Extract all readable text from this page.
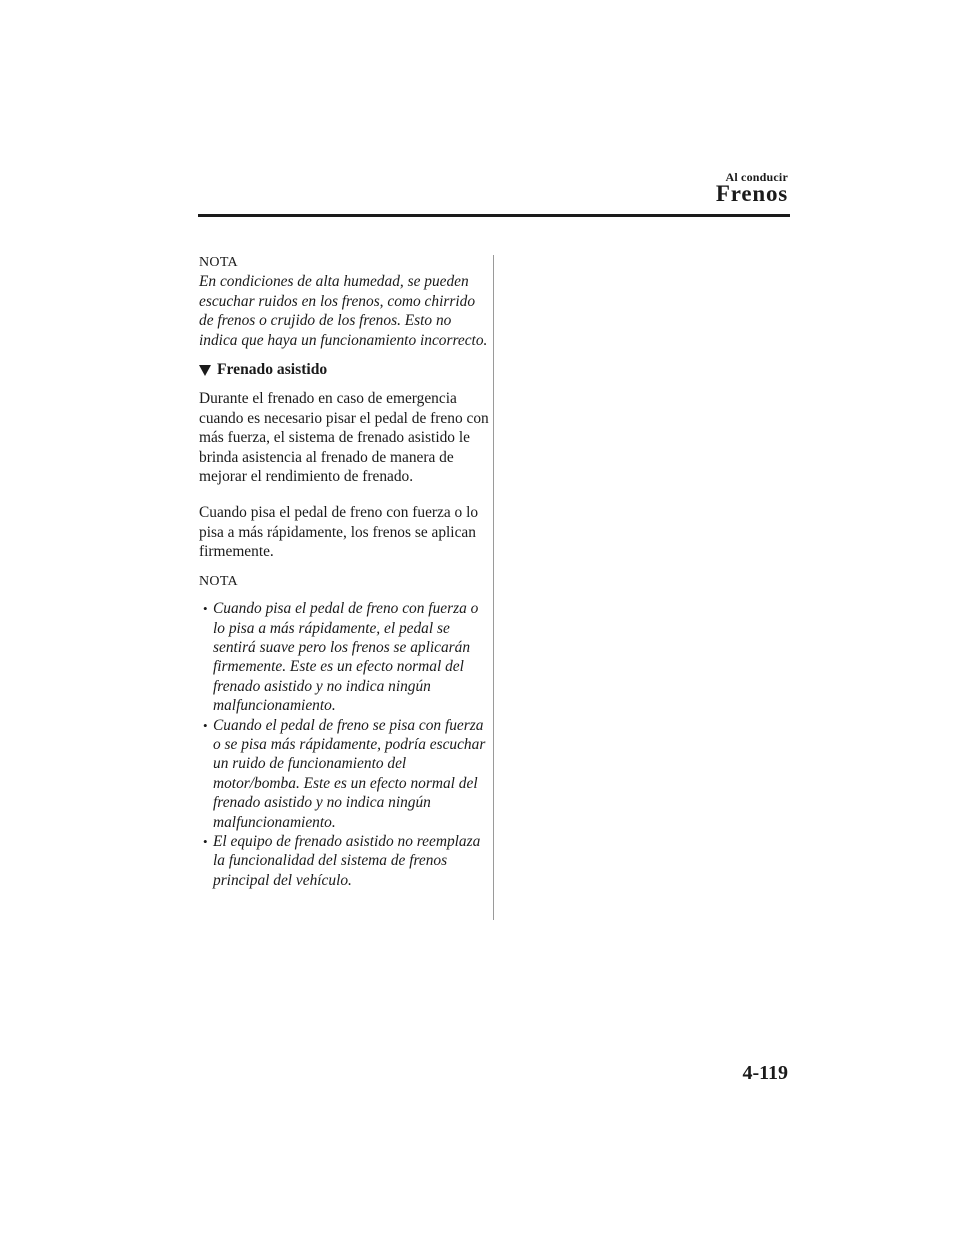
Al conducir
Frenos
NOTA
En condiciones de alta humedad, se pueden escuchar ruidos en los frenos, como chirrido de frenos o crujido de los frenos. Esto no indica que haya un funcionamiento incorrecto.
Frenado asistido
Durante el frenado en caso de emergencia cuando es necesario pisar el pedal de freno con más fuerza, el sistema de frenado asistido le brinda asistencia al frenado de manera de mejorar el rendimiento de frenado.
Cuando pisa el pedal de freno con fuerza o lo pisa a más rápidamente, los frenos se aplican firmemente.
NOTA
• Cuando pisa el pedal de freno con fuerza o lo pisa a más rápidamente, el pedal se sentirá suave pero los frenos se aplicarán firmemente. Este es un efecto normal del frenado asistido y no indica ningún malfuncionamiento.
• Cuando el pedal de freno se pisa con fuerza o se pisa más rápidamente, podría escuchar un ruido de funcionamiento del motor/bomba. Este es un efecto normal del frenado asistido y no indica ningún malfuncionamiento.
• El equipo de frenado asistido no reemplaza la funcionalidad del sistema de frenos principal del vehículo.
4-119
